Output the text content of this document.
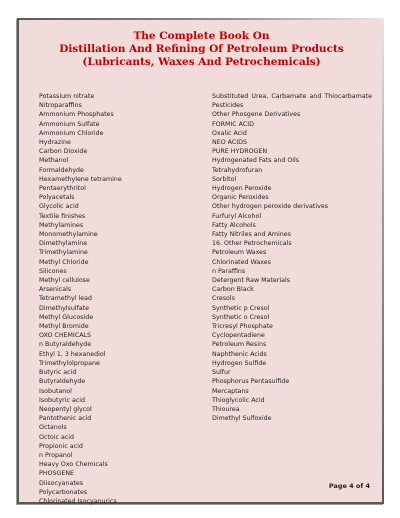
The Complete Book On
Distillation And Refining Of Petroleum Products
(Lubricants, Waxes And Petrochemicals)
Potassium nitrate
Nitroparaffins
Ammonium Phosphates
Ammonium Sulfate
Ammonium Chloride
Hydrazine
Carbon Dioxide
Methanol
Formaldehyde
Hexamethylene tetramine
Pentaerythritol
Polyacetals
Glycolic acid
Textile finishes
Methylamines
Monomethylamine
Dimethylamine
Trimethylamine
Methyl Chloride
Silicones
Methyl cellulose
Arsenicals
Tetramethyl lead
Dimethylsulfate
Methyl Glucoside
Methyl Bromide
OXO CHEMICALS
n Butyraldehyde
Ethyl 1, 3 hexanediol
Trimethylolpropane
Butyric acid
Butyraldehyde
Isobutanol
Isobutyric acid
Neopentyl glycol
Pantothenic acid
Octanols
Octoic acid
Propionic acid
n Propanol
Heavy Oxo Chemicals
PHOSGENE
Diisocyanates
Polycarbonates
Chlorinated Isocyanurics
Substituted Urea, Carbamate and Thiocarbamate Pesticides
Other Phosgene Derivatives
FORMIC ACID
Oxalic Acid
NEO ACIDS
PURE HYDROGEN
Hydrogenated Fats and Oils
Tetrahydrofuran
Sorbitol
Hydrogen Peroxide
Organic Peroxides
Other hydrogen peroxide derivatives
Furfuryl Alcohol
Fatty Alcohols
Fatty Nitriles and Amines
16. Other Petrochemicals
Petroleum Waxes
Chlorinated Waxes
n Paraffins
Detergent Raw Materials
Carbon Black
Cresols
Synthetic p Cresol
Synthetic o Cresol
Tricresyl Phosphate
Cyclopentadiene
Petroleum Resins
Naphthenic Acids
Hydrogen Sulfide
Sulfur
Phosphorus Pentasulfide
Mercaptans
Thioglycolic Acid
Thiourea
Dimethyl Sulfoxide
Page 4 of 4
